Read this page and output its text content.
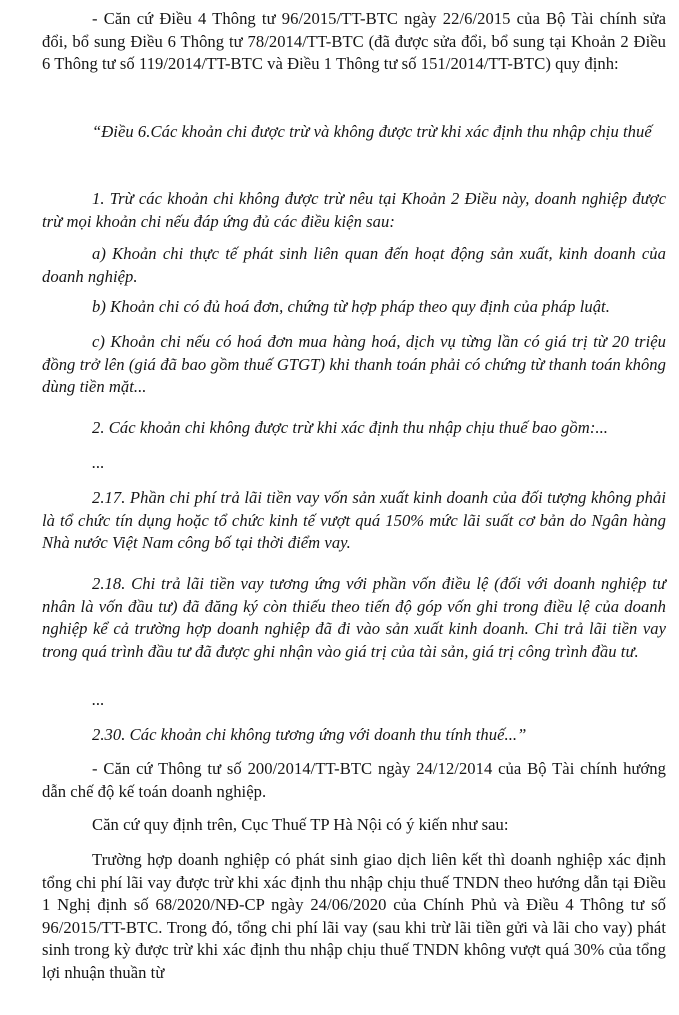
- Căn cứ Điều 4 Thông tư 96/2015/TT-BTC ngày 22/6/2015 của Bộ Tài chính sửa đổi, bổ sung Điều 6 Thông tư 78/2014/TT-BTC (đã được sửa đổi, bổ sung tại Khoản 2 Điều 6 Thông tư số 119/2014/TT-BTC và Điều 1 Thông tư số 151/2014/TT-BTC) quy định:

“Điều 6.Các khoản chi được trừ và không được trừ khi xác định thu nhập chịu thuế

1. Trừ các khoản chi không được trừ nêu tại Khoản 2 Điều này, doanh nghiệp được trừ mọi khoản chi nếu đáp ứng đủ các điều kiện sau:

a) Khoản chi thực tế phát sinh liên quan đến hoạt động sản xuất, kinh doanh của doanh nghiệp.

b) Khoản chi có đủ hoá đơn, chứng từ hợp pháp theo quy định của pháp luật.

c) Khoản chi nếu có hoá đơn mua hàng hoá, dịch vụ từng lần có giá trị từ 20 triệu đồng trở lên (giá đã bao gồm thuế GTGT) khi thanh toán phải có chứng từ thanh toán không dùng tiền mặt...

2. Các khoản chi không được trừ khi xác định thu nhập chịu thuế bao gồm:...

...

2.17. Phần chi phí trả lãi tiền vay vốn sản xuất kinh doanh của đối tượng không phải là tổ chức tín dụng hoặc tổ chức kinh tế vượt quá 150% mức lãi suất cơ bản do Ngân hàng Nhà nước Việt Nam công bố tại thời điểm vay.

2.18. Chi trả lãi tiền vay tương ứng với phần vốn điều lệ (đối với doanh nghiệp tư nhân là vốn đầu tư) đã đăng ký còn thiếu theo tiến độ góp vốn ghi trong điều lệ của doanh nghiệp kể cả trường hợp doanh nghiệp đã đi vào sản xuất kinh doanh. Chi trả lãi tiền vay trong quá trình đầu tư đã được ghi nhận vào giá trị của tài sản, giá trị công trình đầu tư.

...

2.30. Các khoản chi không tương ứng với doanh thu tính thuế...”

- Căn cứ Thông tư số 200/2014/TT-BTC ngày 24/12/2014 của Bộ Tài chính hướng dẫn chế độ kế toán doanh nghiệp.

Căn cứ quy định trên, Cục Thuế TP Hà Nội có ý kiến như sau:

Trường hợp doanh nghiệp có phát sinh giao dịch liên kết thì doanh nghiệp xác định tổng chi phí lãi vay được trừ khi xác định thu nhập chịu thuế TNDN theo hướng dẫn tại Điều 1 Nghị định số 68/2020/NĐ-CP ngày 24/06/2020 của Chính Phủ và Điều 4 Thông tư số 96/2015/TT-BTC. Trong đó, tổng chi phí lãi vay (sau khi trừ lãi tiền gửi và lãi cho vay) phát sinh trong kỳ được trừ khi xác định thu nhập chịu thuế TNDN không vượt quá 30% của tổng lợi nhuận thuần từ
